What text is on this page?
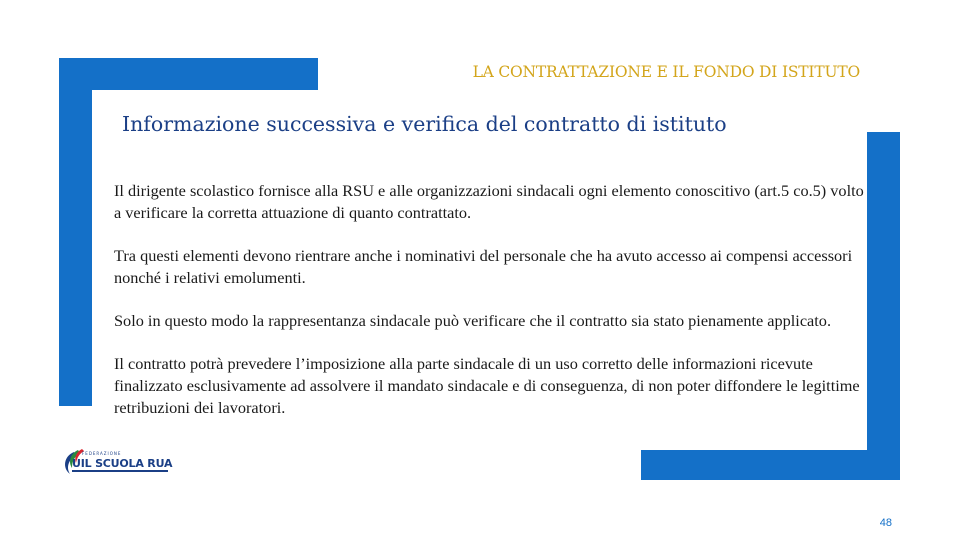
LA CONTRATTAZIONE E IL FONDO DI ISTITUTO
Informazione successiva e verifica del contratto di istituto

Il dirigente scolastico fornisce alla RSU e alle organizzazioni sindacali ogni elemento conoscitivo (art.5 co.5) volto a verificare la corretta attuazione di quanto contrattato.

Tra questi elementi devono rientrare anche i nominativi del personale che ha avuto accesso ai compensi accessori nonché i relativi emolumenti.

Solo in questo modo la rappresentanza sindacale può verificare che il contratto sia stato pienamente applicato.

Il contratto potrà prevedere l’imposizione alla parte sindacale di un uso corretto delle informazioni ricevute finalizzato esclusivamente ad assolvere il mandato sindacale e di conseguenza, di non poter diffondere le legittime retribuzioni dei lavoratori.

FEDERAZIONE
UIL SCUOLA RUA
48
